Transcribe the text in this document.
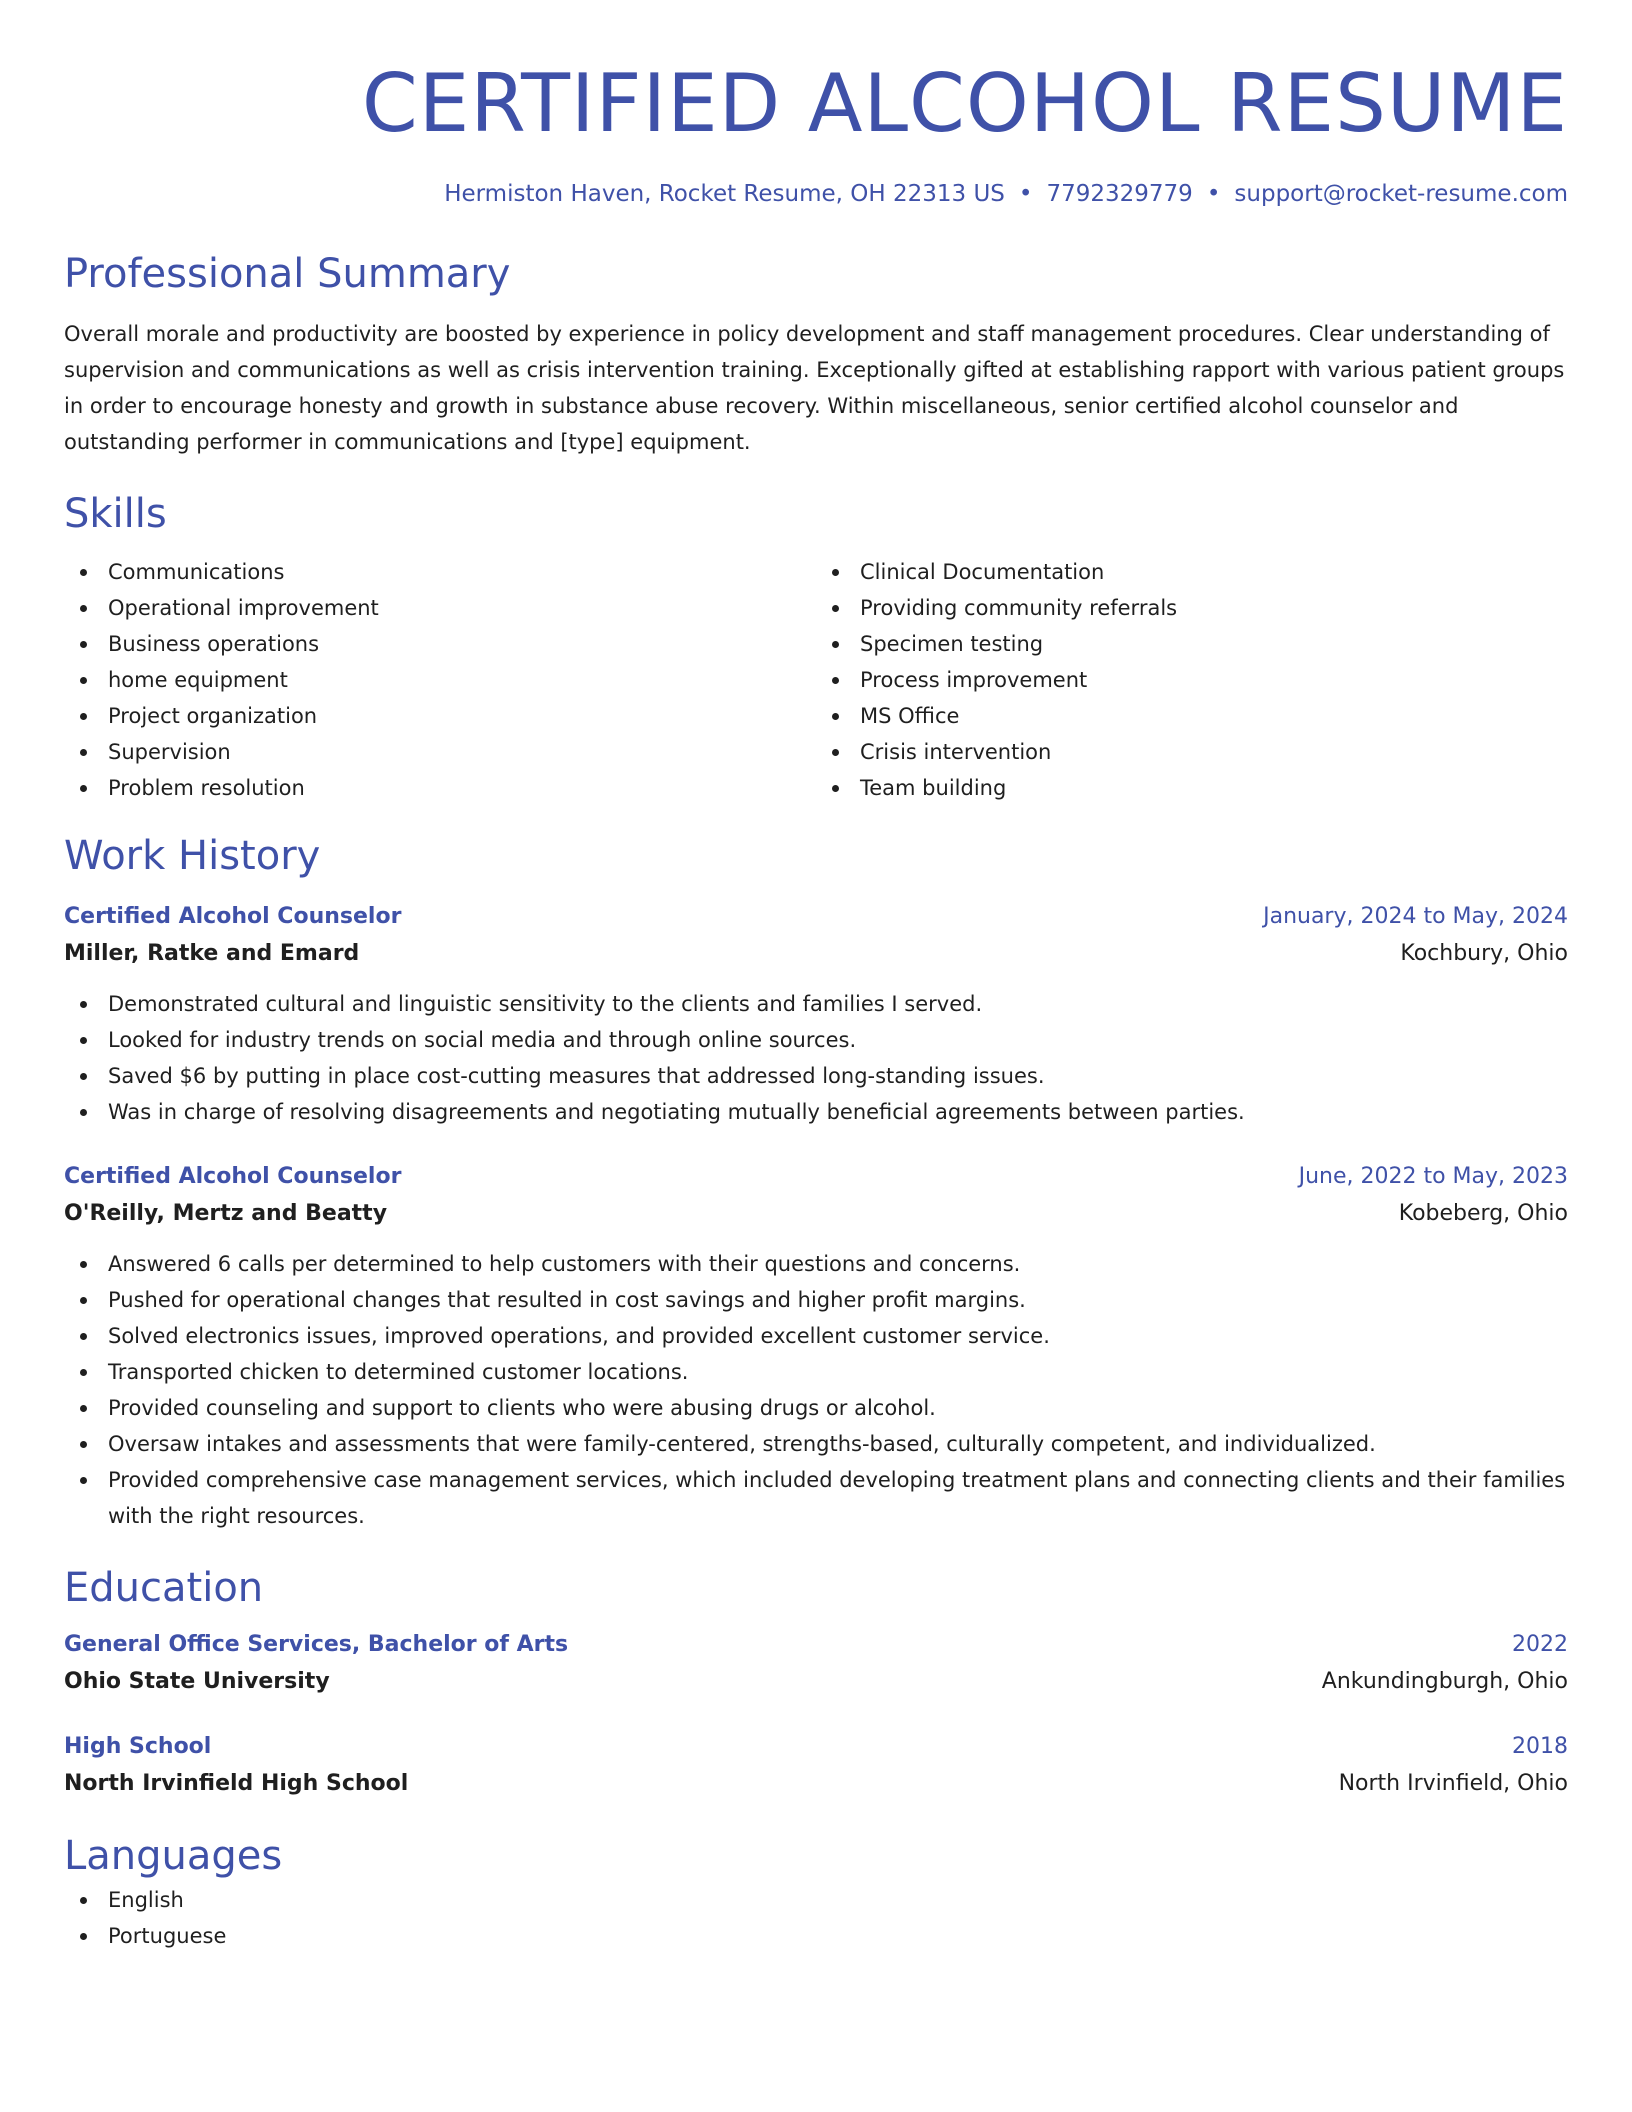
CERTIFIED ALCOHOL RESUME
Hermiston Haven, Rocket Resume, OH 22313 US • 7792329779 • support@rocket-resume.com
Professional Summary

Overall morale and productivity are boosted by experience in policy development and staff management procedures. Clear understanding of supervision and communications as well as crisis intervention training. Exceptionally gifted at establishing rapport with various patient groups in order to encourage honesty and growth in substance abuse recovery. Within miscellaneous, senior certified alcohol counselor and outstanding performer in communications and [type] equipment.

Skills
Communications
Operational improvement
Business operations
home equipment
Project organization
Supervision
Problem resolution
Clinical Documentation
Providing community referrals
Specimen testing
Process improvement
MS Office
Crisis intervention
Team building
Work History
Certified Alcohol Counselor	January, 2024 to May, 2024
Miller, Ratke and Emard	Kochbury, Ohio
Demonstrated cultural and linguistic sensitivity to the clients and families I served.
Looked for industry trends on social media and through online sources.
Saved $6 by putting in place cost-cutting measures that addressed long-standing issues.
Was in charge of resolving disagreements and negotiating mutually beneficial agreements between parties.
Certified Alcohol Counselor	June, 2022 to May, 2023
O'Reilly, Mertz and Beatty	Kobeberg, Ohio
Answered 6 calls per determined to help customers with their questions and concerns.
Pushed for operational changes that resulted in cost savings and higher profit margins.
Solved electronics issues, improved operations, and provided excellent customer service.
Transported chicken to determined customer locations.
Provided counseling and support to clients who were abusing drugs or alcohol.
Oversaw intakes and assessments that were family-centered, strengths-based, culturally competent, and individualized.
Provided comprehensive case management services, which included developing treatment plans and connecting clients and their families with the right resources.
Education
General Office Services, Bachelor of Arts	2022
Ohio State University	Ankundingburgh, Ohio
High School	2018
North Irvinfield High School	North Irvinfield, Ohio
Languages
English
Portuguese
